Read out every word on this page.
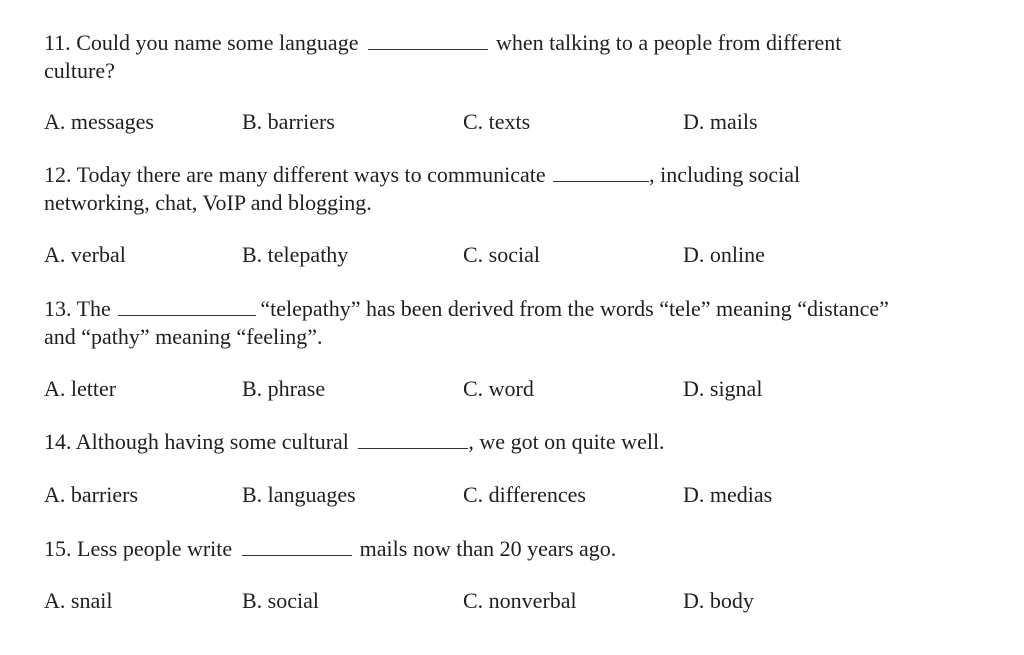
11. Could you name some language	when talking to a people from different
culture?
A. messages	B. barriers	C. texts	D. mails
12. Today there are many different ways to communicate	, including social
networking, chat, VoIP and blogging.
A. verbal	B. telepathy	C. social	D. online
13. The	“telepathy” has been derived from the words “tele” meaning “distance”
and “pathy” meaning “feeling”.
A. letter	B. phrase	C. word	D. signal
14. Although having some cultural	, we got on quite well.
A. barriers	B. languages	C. differences	D. medias
15. Less people write	mails now than 20 years ago.
A. snail	B. social	C. nonverbal	D. body
